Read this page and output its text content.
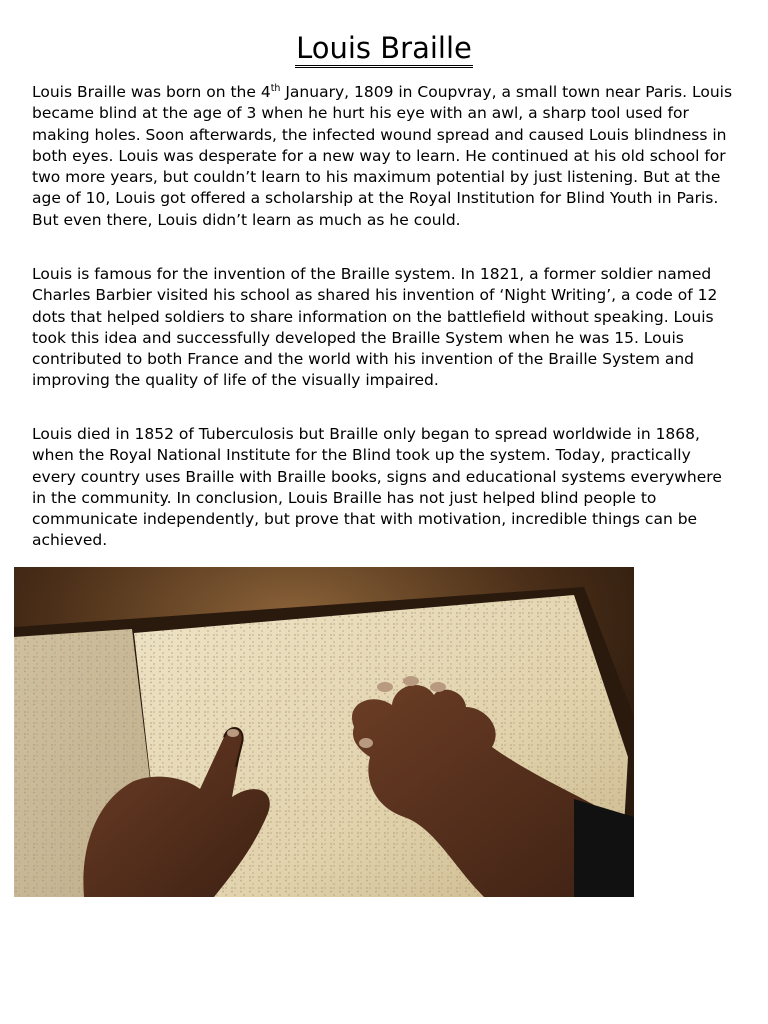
Louis Braille

Louis Braille was born on the 4th January, 1809 in Coupvray, a small town near Paris. Louis became blind at the age of 3 when he hurt his eye with an awl, a sharp tool used for making holes. Soon afterwards, the infected wound spread and caused Louis blindness in both eyes. Louis was desperate for a new way to learn. He continued at his old school for two more years, but couldn’t learn to his maximum potential by just listening. But at the age of 10, Louis got offered a scholarship at the Royal Institution for Blind Youth in Paris. But even there, Louis didn’t learn as much as he could.

Louis is famous for the invention of the Braille system. In 1821, a former soldier named Charles Barbier visited his school as shared his invention of ‘Night Writing’, a code of 12 dots that helped soldiers to share information on the battlefield without speaking. Louis took this idea and successfully developed the Braille System when he was 15. Louis contributed to both France and the world with his invention of the Braille System and improving the quality of life of the visually impaired.

Louis died in 1852 of Tuberculosis but Braille only began to spread worldwide in 1868, when the Royal National Institute for the Blind took up the system. Today, practically every country uses Braille with Braille books, signs and educational systems everywhere in the community. In conclusion, Louis Braille has not just helped blind people to communicate independently, but prove that with motivation, incredible things can be achieved.
